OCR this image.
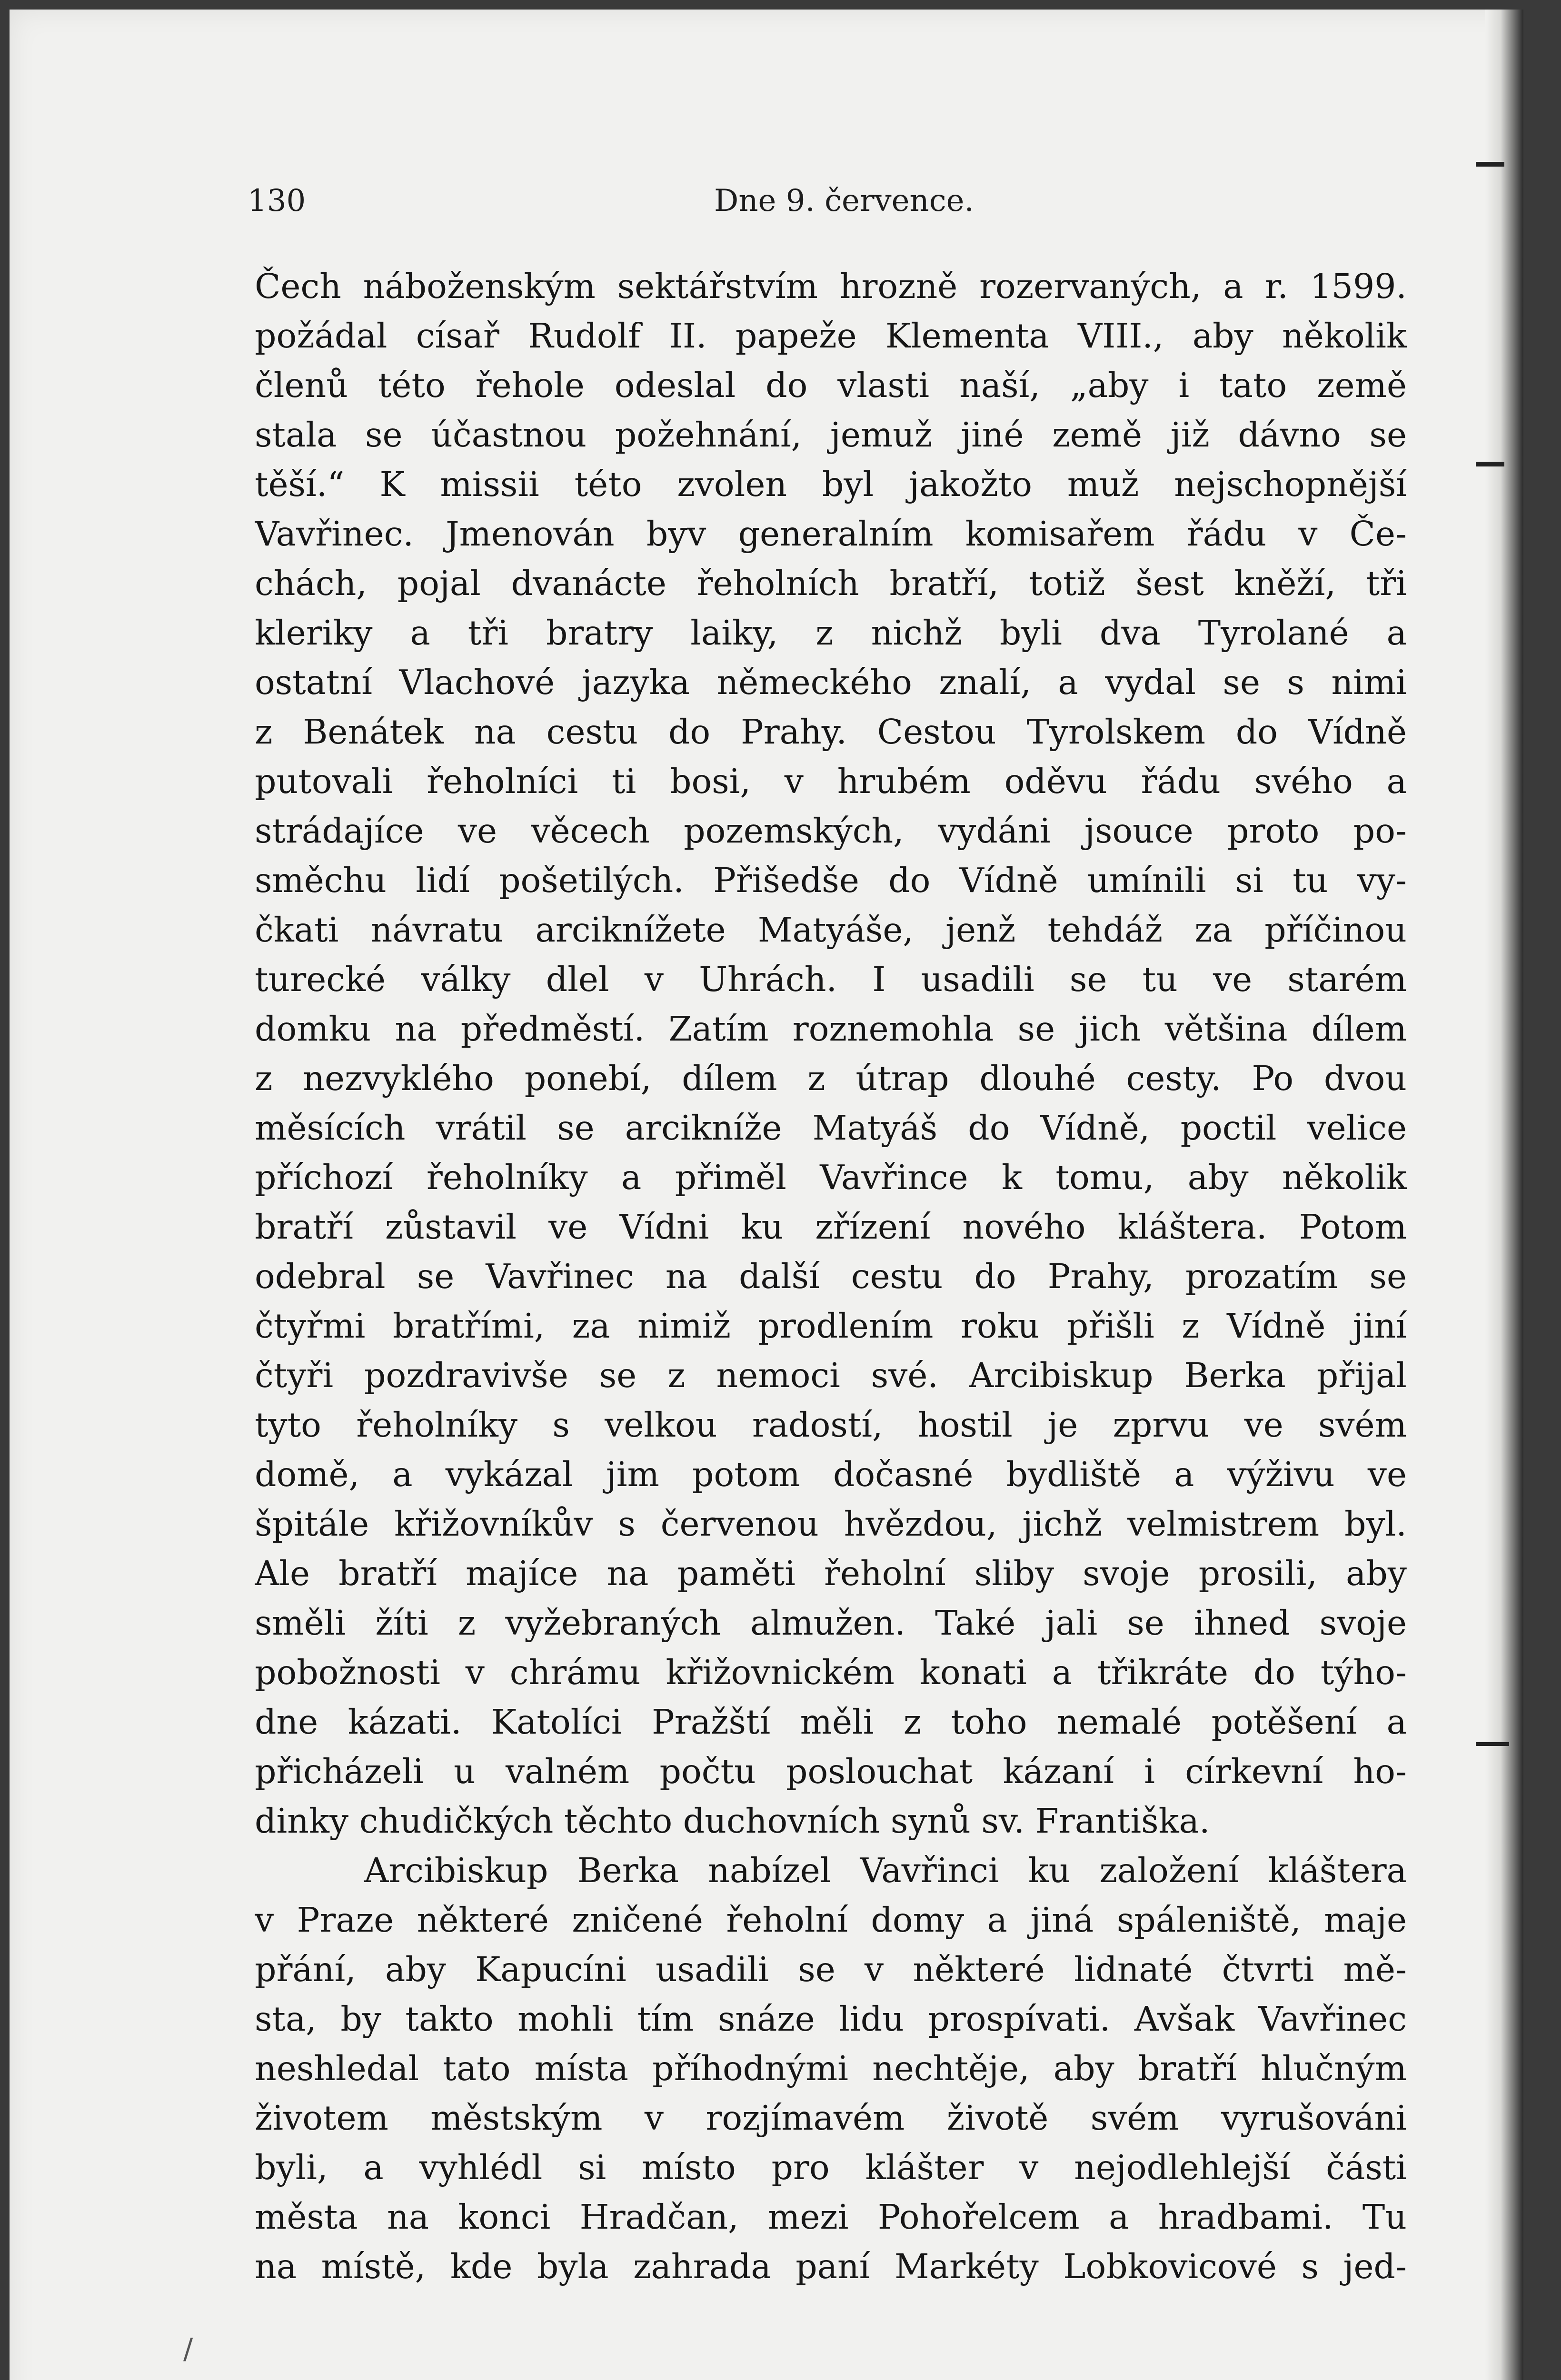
130	Dne 9. července.
Čech náboženským sektářstvím hrozně rozervaných, a r. 1599.
požádal císař Rudolf II. papeže Klementa VIII., aby několik
členů této řehole odeslal do vlasti naší, „aby i tato země
stala se účastnou požehnání, jemuž jiné země již dávno se
těší.“ K missii této zvolen byl jakožto muž nejschopnější
Vavřinec. Jmenován byv generalním komisařem řádu v Če-
chách, pojal dvanácte řeholních bratří, totiž šest kněží, tři
kleriky a tři bratry laiky, z nichž byli dva Tyrolané a
ostatní Vlachové jazyka německého znalí, a vydal se s nimi
z Benátek na cestu do Prahy. Cestou Tyrolskem do Vídně
putovali řeholníci ti bosi, v hrubém oděvu řádu svého a
strádajíce ve věcech pozemských, vydáni jsouce proto po-
směchu lidí pošetilých. Přišedše do Vídně umínili si tu vy-
čkati návratu arciknížete Matyáše, jenž tehdáž za příčinou
turecké války dlel v Uhrách. I usadili se tu ve starém
domku na předměstí. Zatím roznemohla se jich většina dílem
z nezvyklého ponebí, dílem z útrap dlouhé cesty. Po dvou
měsících vrátil se arcikníže Matyáš do Vídně, poctil velice
příchozí řeholníky a přiměl Vavřince k tomu, aby několik
bratří zůstavil ve Vídni ku zřízení nového kláštera. Potom
odebral se Vavřinec na další cestu do Prahy, prozatím se
čtyřmi bratřími, za nimiž prodlením roku přišli z Vídně jiní
čtyři pozdravivše se z nemoci své. Arcibiskup Berka přijal
tyto řeholníky s velkou radostí, hostil je zprvu ve svém
domě, a vykázal jim potom dočasné bydliště a výživu ve
špitále křižovníkův s červenou hvězdou, jichž velmistrem byl.
Ale bratří majíce na paměti řeholní sliby svoje prosili, aby
směli žíti z vyžebraných almužen. Také jali se ihned svoje
pobožnosti v chrámu křižovnickém konati a třikráte do týho-
dne kázati. Katolíci Pražští měli z toho nemalé potěšení a
přicházeli u valném počtu poslouchat kázaní i církevní ho-
dinky chudičkých těchto duchovních synů sv. Františka.
Arcibiskup Berka nabízel Vavřinci ku založení kláštera
v Praze některé zničené řeholní domy a jiná spáleniště, maje
přání, aby Kapucíni usadili se v některé lidnaté čtvrti mě-
sta, by takto mohli tím snáze lidu prospívati. Avšak Vavřinec
neshledal tato místa příhodnými nechtěje, aby bratří hlučným
životem městským v rozjímavém životě svém vyrušováni
byli, a vyhlédl si místo pro klášter v nejodlehlejší části
města na konci Hradčan, mezi Pohořelcem a hradbami. Tu
na místě, kde byla zahrada paní Markéty Lobkovicové s jed-
/
